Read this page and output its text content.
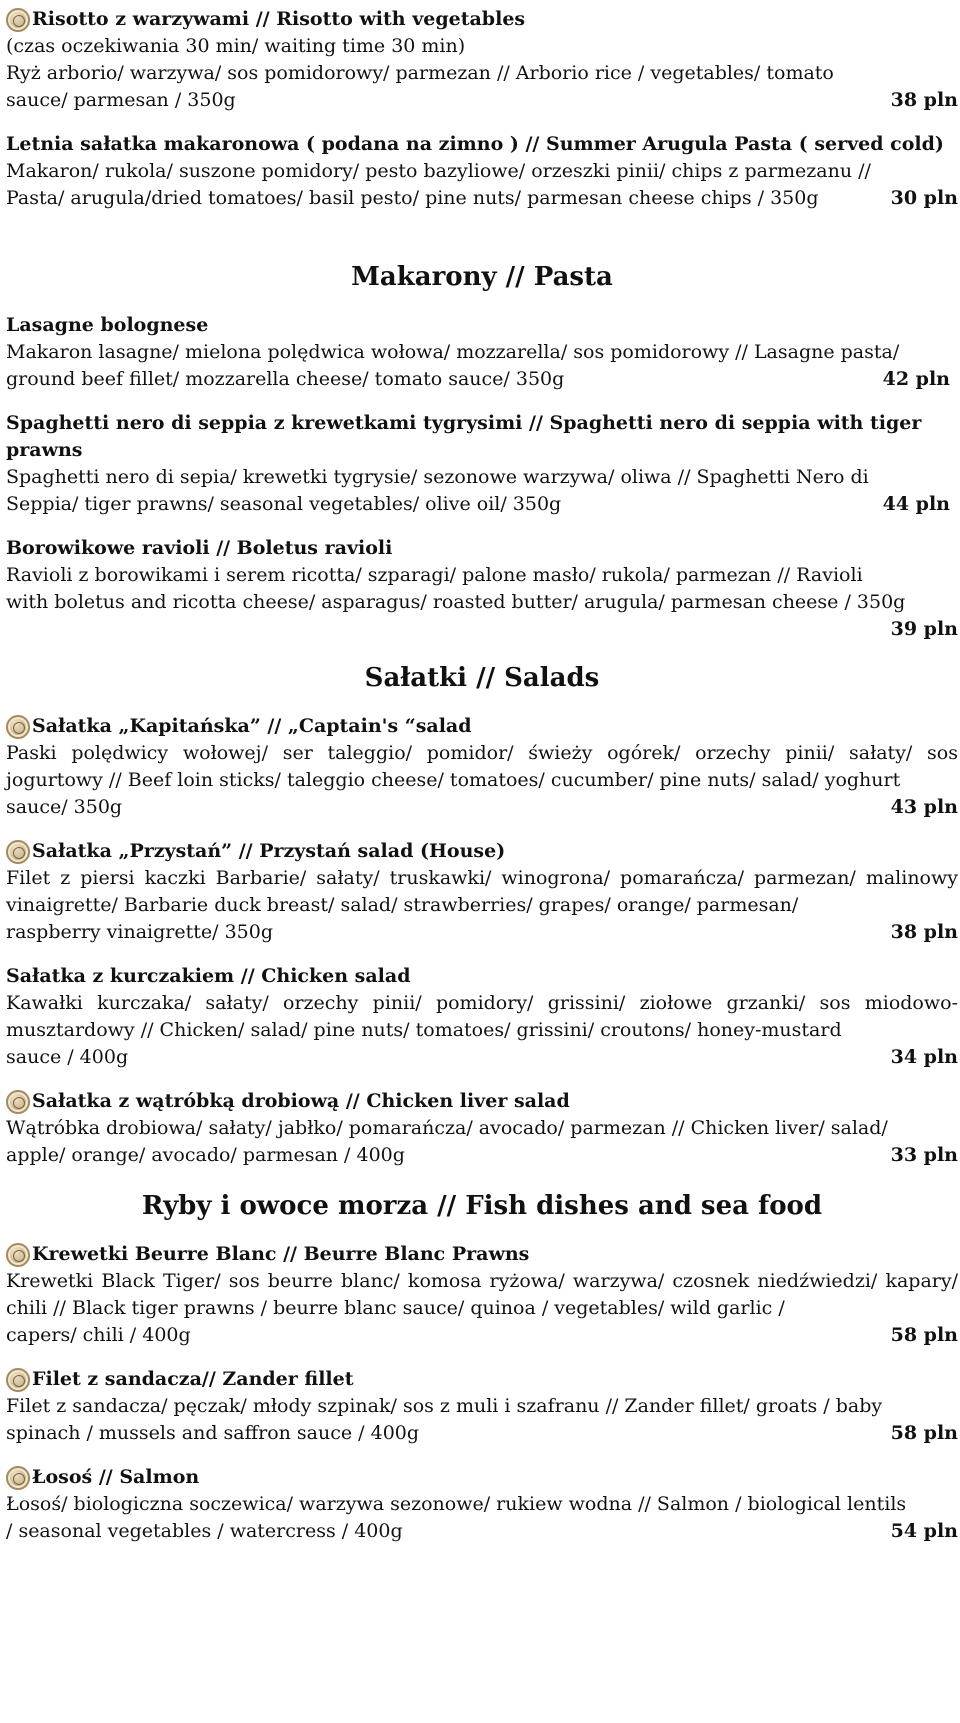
Risotto z warzywami // Risotto with vegetables
(czas oczekiwania 30 min/ waiting time 30 min)
Ryż arborio/ warzywa/ sos pomidorowy/ parmezan // Arborio rice / vegetables/ tomato
sauce/ parmesan / 350g	38 pln
Letnia sałatka makaronowa ( podana na zimno ) // Summer Arugula Pasta ( served cold)
Makaron/ rukola/ suszone pomidory/ pesto bazyliowe/ orzeszki pinii/ chips z parmezanu //
Pasta/ arugula/dried tomatoes/ basil pesto/ pine nuts/ parmesan cheese chips / 350g	30 pln
Makarony // Pasta
Lasagne bolognese
Makaron lasagne/ mielona polędwica wołowa/ mozzarella/ sos pomidorowy // Lasagne pasta/
ground beef fillet/ mozzarella cheese/ tomato sauce/ 350g	42 pln
Spaghetti nero di seppia z krewetkami tygrysimi // Spaghetti nero di seppia with tiger prawns
Spaghetti nero di sepia/ krewetki tygrysie/ sezonowe warzywa/ oliwa // Spaghetti Nero di
Seppia/ tiger prawns/ seasonal vegetables/ olive oil/ 350g	44 pln
Borowikowe ravioli // Boletus ravioli
Ravioli z borowikami i serem ricotta/ szparagi/ palone masło/ rukola/ parmezan // Ravioli
with boletus and ricotta cheese/ asparagus/ roasted butter/ arugula/ parmesan cheese / 350g
39 pln
Sałatki // Salads
Sałatka „Kapitańska” // „Captain's “salad
Paski polędwicy wołowej/ ser taleggio/ pomidor/ świeży ogórek/ orzechy pinii/ sałaty/ sos jogurtowy // Beef loin sticks/ taleggio cheese/ tomatoes/ cucumber/ pine nuts/ salad/ yoghurt
sauce/ 350g	43 pln
Sałatka „Przystań” // Przystań salad (House)
Filet z piersi kaczki Barbarie/ sałaty/ truskawki/ winogrona/ pomarańcza/ parmezan/ malinowy vinaigrette/ Barbarie duck breast/ salad/ strawberries/ grapes/ orange/ parmesan/
raspberry vinaigrette/ 350g	38 pln
Sałatka z kurczakiem // Chicken salad
Kawałki kurczaka/ sałaty/ orzechy pinii/ pomidory/ grissini/ ziołowe grzanki/ sos miodowo-musztardowy // Chicken/ salad/ pine nuts/ tomatoes/ grissini/ croutons/ honey-mustard
sauce / 400g	34 pln
Sałatka z wątróbką drobiową // Chicken liver salad
Wątróbka drobiowa/ sałaty/ jabłko/ pomarańcza/ avocado/ parmezan // Chicken liver/ salad/
apple/ orange/ avocado/ parmesan / 400g	33 pln
Ryby i owoce morza // Fish dishes and sea food
Krewetki Beurre Blanc // Beurre Blanc Prawns
Krewetki Black Tiger/ sos beurre blanc/ komosa ryżowa/ warzywa/ czosnek niedźwiedzi/ kapary/ chili // Black tiger prawns / beurre blanc sauce/ quinoa / vegetables/ wild garlic /
capers/ chili / 400g	58 pln
Filet z sandacza// Zander fillet
Filet z sandacza/ pęczak/ młody szpinak/ sos z muli i szafranu // Zander fillet/ groats / baby
spinach / mussels and saffron sauce / 400g	58 pln
Łosoś // Salmon
Łosoś/ biologiczna soczewica/ warzywa sezonowe/ rukiew wodna // Salmon / biological lentils
/ seasonal vegetables / watercress / 400g	54 pln
